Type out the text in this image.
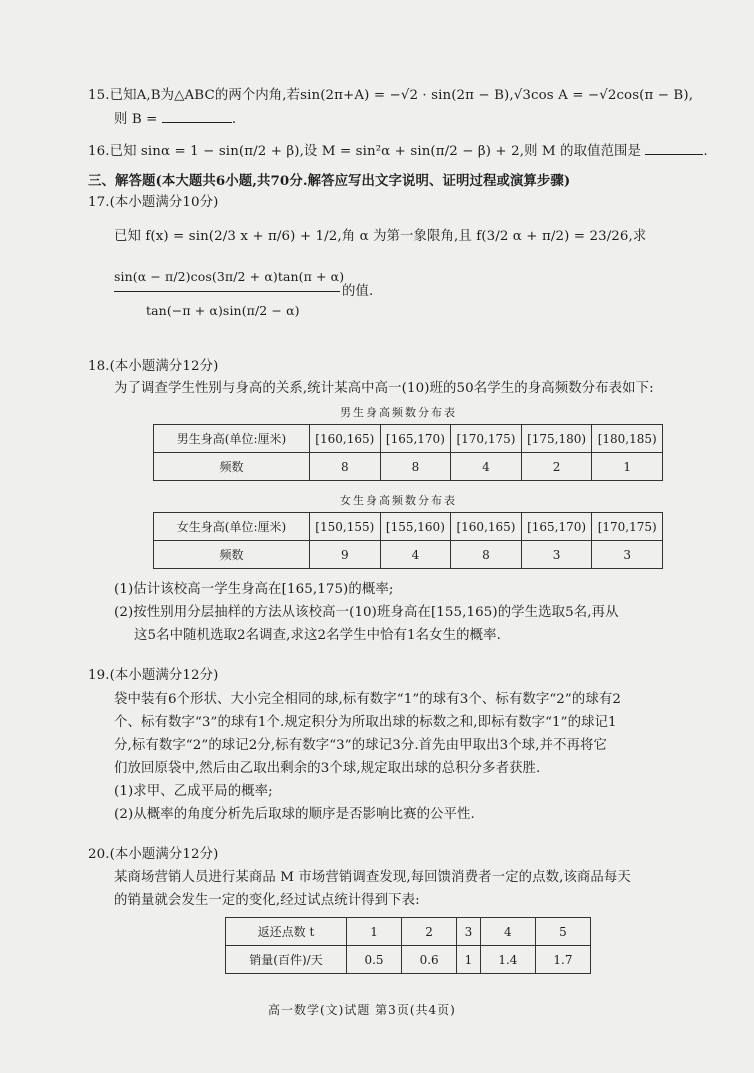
15.已知A,B为△ABC的两个内角,若sin(2π+A) = −√2 · sin(2π − B),√3cos A = −√2cos(π − B),
则 B =	.
16.已知 sinα = 1 − sin(π/2 + β),设 M = sin²α + sin(π/2 − β) + 2,则 M 的取值范围是	.
三、解答题(本大题共6小题,共70分.解答应写出文字说明、证明过程或演算步骤)
17.(本小题满分10分)
已知 f(x) = sin(2/3 x + π/6) + 1/2,角 α 为第一象限角,且 f(3/2 α + π/2) = 23/26,求
sin(α − π/2)cos(3π/2 + α)tan(π + α)
的值.
tan(−π + α)sin(π/2 − α)
18.(本小题满分12分)
为了调查学生性别与身高的关系,统计某高中高一(10)班的50名学生的身高频数分布表如下:
男生身高频数分布表
男生身高(单位:厘米)	[160,165)	[165,170)	[170,175)	[175,180)	[180,185)
频数	8	8	4	2	1
女生身高频数分布表
女生身高(单位:厘米)	[150,155)	[155,160)	[160,165)	[165,170)	[170,175)
频数	9	4	8	3	3
(1)估计该校高一学生身高在[165,175)的概率;
(2)按性别用分层抽样的方法从该校高一(10)班身高在[155,165)的学生选取5名,再从
这5名中随机选取2名调查,求这2名学生中恰有1名女生的概率.
19.(本小题满分12分)
袋中装有6个形状、大小完全相同的球,标有数字“1”的球有3个、标有数字“2”的球有2
个、标有数字“3”的球有1个.规定积分为所取出球的标数之和,即标有数字“1”的球记1
分,标有数字“2”的球记2分,标有数字“3”的球记3分.首先由甲取出3个球,并不再将它
们放回原袋中,然后由乙取出剩余的3个球,规定取出球的总积分多者获胜.
(1)求甲、乙成平局的概率;
(2)从概率的角度分析先后取球的顺序是否影响比赛的公平性.
20.(本小题满分12分)
某商场营销人员进行某商品 M 市场营销调查发现,每回馈消费者一定的点数,该商品每天
的销量就会发生一定的变化,经过试点统计得到下表:
返还点数 t	1	2	3	4	5
销量(百件)/天	0.5	0.6	1	1.4	1.7
高一数学(文)试题 第3页(共4页)
